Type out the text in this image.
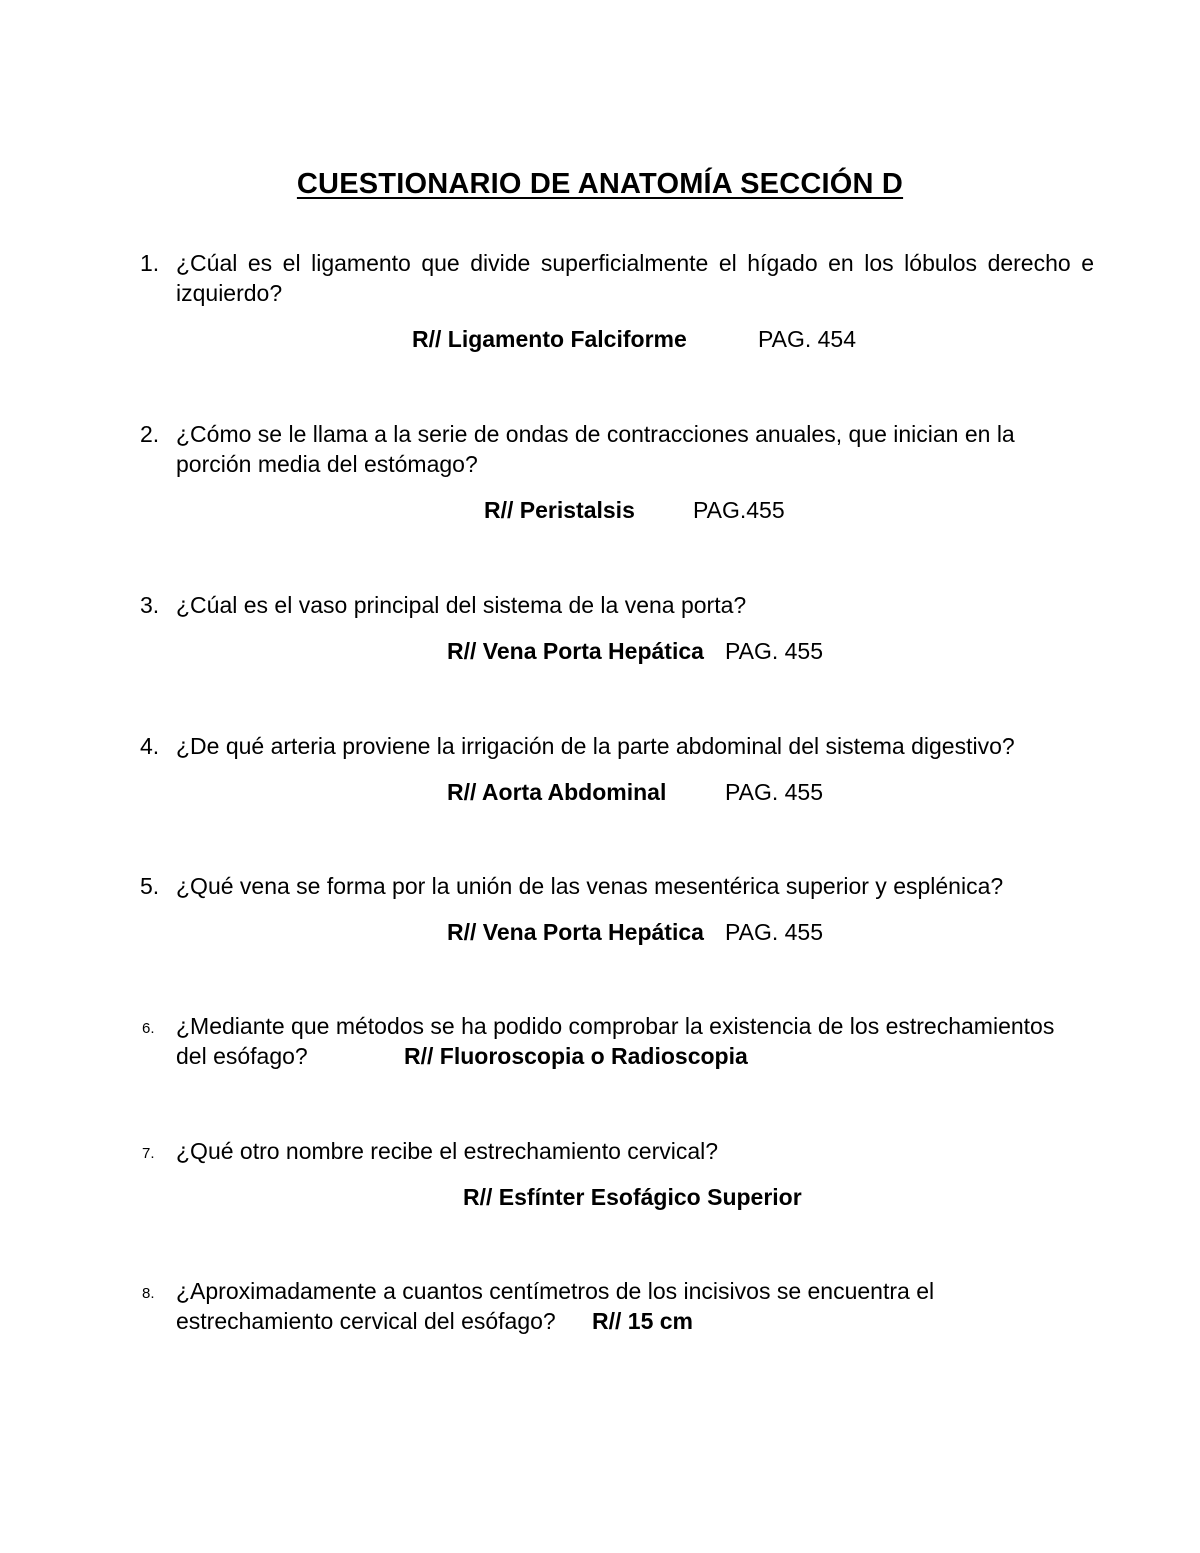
CUESTIONARIO DE ANATOMÍA SECCIÓN D
1. ¿Cúal es el ligamento que divide superficialmente el hígado en los lóbulos derecho e izquierdo?
R// Ligamento Falciforme	PAG. 454
2. ¿Cómo se le llama a la serie de ondas de contracciones anuales, que inician en la porción media del estómago?
R// Peristalsis	PAG.455
3. ¿Cúal es el vaso principal del sistema de la vena porta?
R// Vena Porta Hepática PAG. 455
4. ¿De qué arteria proviene la irrigación de la parte abdominal del sistema digestivo?
R// Aorta Abdominal	PAG. 455
5. ¿Qué vena se forma por la unión de las venas mesentérica superior y esplénica?
R// Vena Porta Hepática PAG. 455
6. ¿Mediante que métodos se ha podido comprobar la existencia de los estrechamientos
del esófago?	R// Fluoroscopia o Radioscopia
7. ¿Qué otro nombre recibe el estrechamiento cervical?
R// Esfínter Esofágico Superior
8. ¿Aproximadamente a cuantos centímetros de los incisivos se encuentra el
estrechamiento cervical del esófago? R// 15 cm
